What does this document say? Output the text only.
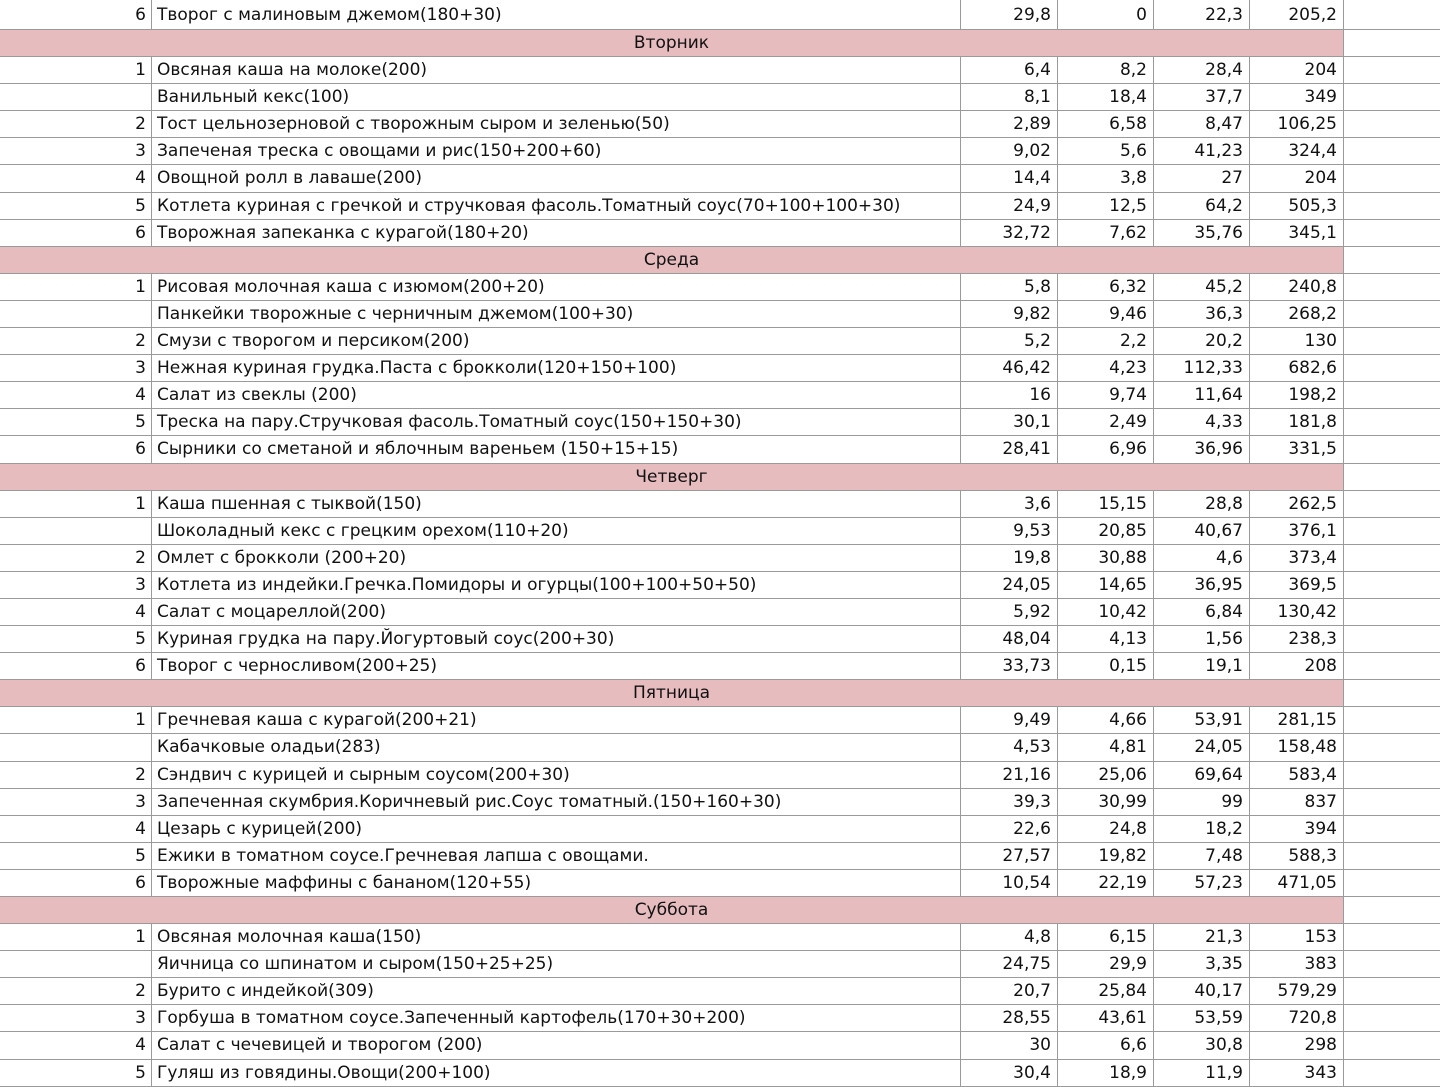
6 Творог с малиновым джемом(180+30)	29,8	0	22,3	205,2
Вторник
1 Овсяная каша на молоке(200)	6,4	8,2	28,4	204
Ванильный кекс(100)	8,1	18,4	37,7	349
2 Тост цельнозерновой с творожным сыром и зеленью(50)	2,89	6,58	8,47	106,25
3 Запеченая треска с овощами и рис(150+200+60)	9,02	5,6	41,23	324,4
4 Овощной ролл в лаваше(200)	14,4	3,8	27	204
5 Котлета куриная с гречкой и стручковая фасоль.Томатный соус(70+100+100+30)	24,9	12,5	64,2	505,3
6 Творожная запеканка с курагой(180+20)	32,72	7,62	35,76	345,1
Среда
1 Рисовая молочная каша с изюмом(200+20)	5,8	6,32	45,2	240,8
Панкейки творожные с черничным джемом(100+30)	9,82	9,46	36,3	268,2
2 Смузи с творогом и персиком(200)	5,2	2,2	20,2	130
3 Нежная куриная грудка.Паста с брокколи(120+150+100)	46,42	4,23	112,33	682,6
4 Салат из свеклы (200)	16	9,74	11,64	198,2
5 Треска на пару.Стручковая фасоль.Томатный соус(150+150+30)	30,1	2,49	4,33	181,8
6 Сырники со сметаной и яблочным вареньем (150+15+15)	28,41	6,96	36,96	331,5
Четверг
1 Каша пшенная с тыквой(150)	3,6	15,15	28,8	262,5
Шоколадный кекс с грецким орехом(110+20)	9,53	20,85	40,67	376,1
2 Омлет с брокколи (200+20)	19,8	30,88	4,6	373,4
3 Котлета из индейки.Гречка.Помидоры и огурцы(100+100+50+50)	24,05	14,65	36,95	369,5
4 Салат с моцареллой(200)	5,92	10,42	6,84	130,42
5 Куриная грудка на пару.Йогуртовый соус(200+30)	48,04	4,13	1,56	238,3
6 Творог с черносливом(200+25)	33,73	0,15	19,1	208
Пятница
1 Гречневая каша с курагой(200+21)	9,49	4,66	53,91	281,15
Кабачковые оладьи(283)	4,53	4,81	24,05	158,48
2 Сэндвич с курицей и сырным соусом(200+30)	21,16	25,06	69,64	583,4
3 Запеченная скумбрия.Коричневый рис.Соус томатный.(150+160+30)	39,3	30,99	99	837
4 Цезарь с курицей(200)	22,6	24,8	18,2	394
5 Ежики в томатном соусе.Гречневая лапша с овощами.	27,57	19,82	7,48	588,3
6 Творожные маффины с бананом(120+55)	10,54	22,19	57,23	471,05
Суббота
1 Овсяная молочная каша(150)	4,8	6,15	21,3	153
Яичница со шпинатом и сыром(150+25+25)	24,75	29,9	3,35	383
2 Бурито с индейкой(309)	20,7	25,84	40,17	579,29
3 Горбуша в томатном соусе.Запеченный картофель(170+30+200)	28,55	43,61	53,59	720,8
4 Салат с чечевицей и творогом (200)	30	6,6	30,8	298
5 Гуляш из говядины.Овощи(200+100)	30,4	18,9	11,9	343
